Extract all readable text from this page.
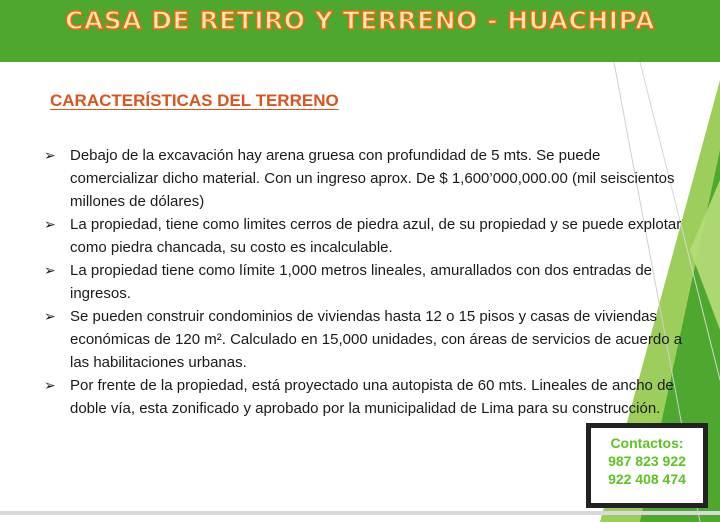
CASA DE RETIRO Y TERRENO - HUACHIPA
CARACTERÍSTICAS DEL TERRENO
➢ Debajo de la excavación hay arena gruesa con profundidad de 5 mts. Se puede comercializar dicho material. Con un ingreso aprox. De $ 1,600’000,000.00 (mil seiscientos millones de dólares)
➢ La propiedad, tiene como limites cerros de piedra azul, de su propiedad y se puede explotar como piedra chancada, su costo es incalculable.
➢ La propiedad tiene como límite 1,000 metros lineales, amurallados con dos entradas de ingresos.
➢ Se pueden construir condominios de viviendas hasta 12 o 15 pisos y casas de viviendas económicas de 120 m². Calculado en 15,000 unidades, con áreas de servicios de acuerdo a las habilitaciones urbanas.
➢ Por frente de la propiedad, está proyectado una autopista de 60 mts. Lineales de ancho de doble vía, esta zonificado y aprobado por la municipalidad de Lima para su construcción.
Contactos:
987 823 922
922 408 474
